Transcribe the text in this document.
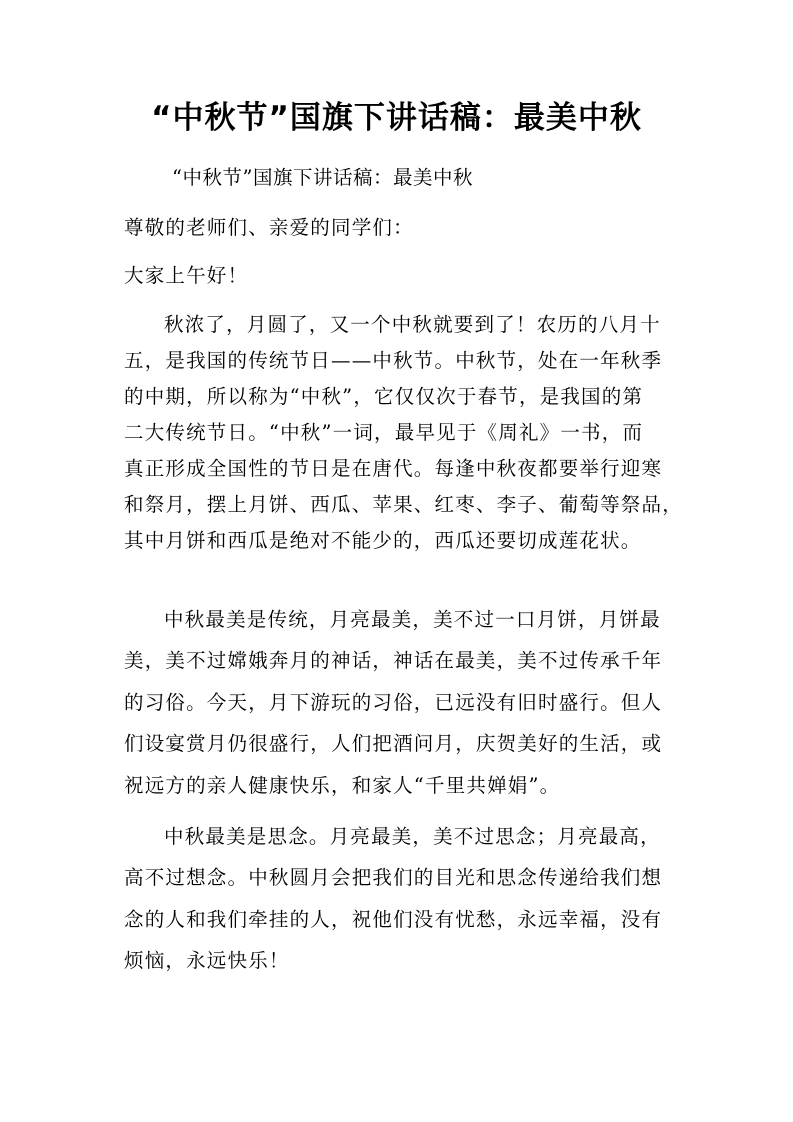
“中秋节”国旗下讲话稿：最美中秋
“中秋节”国旗下讲话稿：最美中秋
尊敬的老师们、亲爱的同学们：
大家上午好！
秋浓了，月圆了，又一个中秋就要到了！农历的八月十
五，是我国的传统节日——中秋节。中秋节，处在一年秋季
的中期，所以称为“中秋”，它仅仅次于春节，是我国的第
二大传统节日。“中秋”一词，最早见于《周礼》一书，而
真正形成全国性的节日是在唐代。每逢中秋夜都要举行迎寒
和祭月，摆上月饼、西瓜、苹果、红枣、李子、葡萄等祭品，
其中月饼和西瓜是绝对不能少的，西瓜还要切成莲花状。
中秋最美是传统，月亮最美，美不过一口月饼，月饼最
美，美不过嫦娥奔月的神话，神话在最美，美不过传承千年
的习俗。今天，月下游玩的习俗，已远没有旧时盛行。但人
们设宴赏月仍很盛行，人们把酒问月，庆贺美好的生活，或
祝远方的亲人健康快乐，和家人“千里共婵娟”。
中秋最美是思念。月亮最美，美不过思念；月亮最高，
高不过想念。中秋圆月会把我们的目光和思念传递给我们想
念的人和我们牵挂的人，祝他们没有忧愁，永远幸福，没有
烦恼，永远快乐！
